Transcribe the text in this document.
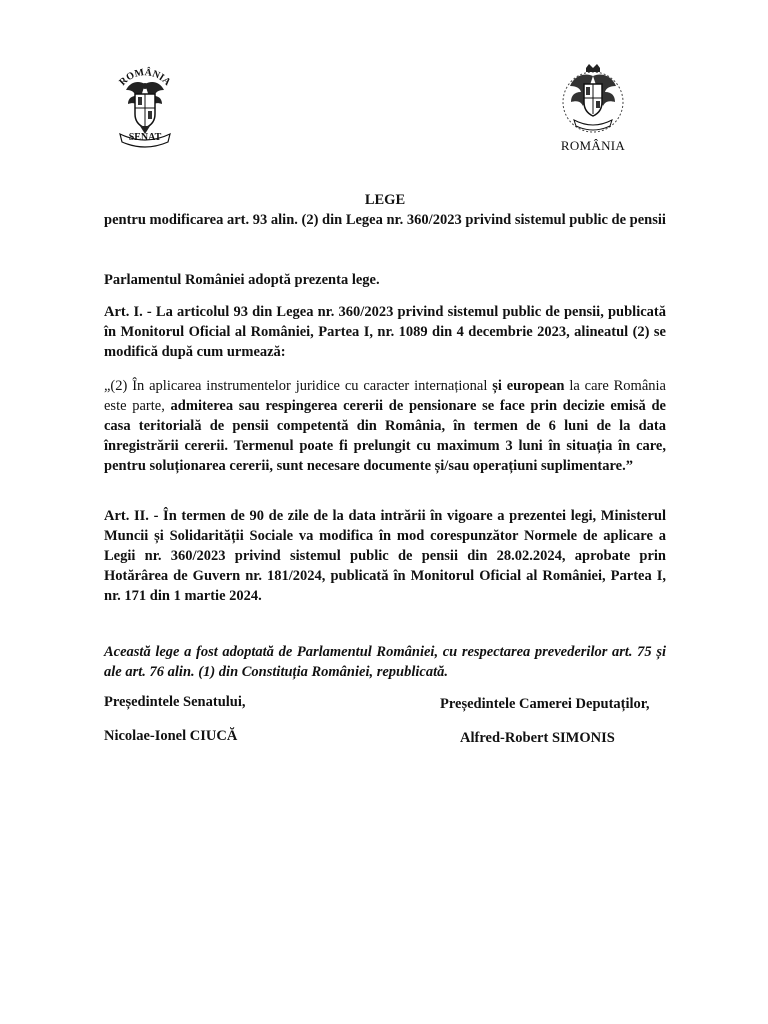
ROMÂNIA
SENAT
ROMÂNIA
LEGE
pentru modificarea art. 93 alin. (2) din Legea nr. 360/2023 privind sistemul public de pensii
Parlamentul României adoptă prezenta lege.
Art. I. - La articolul 93 din Legea nr. 360/2023 privind sistemul public de pensii, publicată în Monitorul Oficial al României, Partea I, nr. 1089 din 4 decembrie 2023, alineatul (2) se modifică după cum urmează:
„(2) În aplicarea instrumentelor juridice cu caracter internațional și european la care România este parte, admiterea sau respingerea cererii de pensionare se face prin decizie emisă de casa teritorială de pensii competentă din România, în termen de 6 luni de la data înregistrării cererii. Termenul poate fi prelungit cu maximum 3 luni în situația în care, pentru soluționarea cererii, sunt necesare documente și/sau operațiuni suplimentare.”
Art. II. - În termen de 90 de zile de la data intrării în vigoare a prezentei legi, Ministerul Muncii și Solidarității Sociale va modifica în mod corespunzător Normele de aplicare a Legii nr. 360/2023 privind sistemul public de pensii din 28.02.2024, aprobate prin Hotărârea de Guvern nr. 181/2024, publicată în Monitorul Oficial al României, Partea I, nr. 171 din 1 martie 2024.
Această lege a fost adoptată de Parlamentul României, cu respectarea prevederilor art. 75 și ale art. 76 alin. (1) din Constituția României, republicată.
Președintele Senatului,	Președintele Camerei Deputaților,
Nicolae-Ionel CIUCĂ	Alfred-Robert SIMONIS
